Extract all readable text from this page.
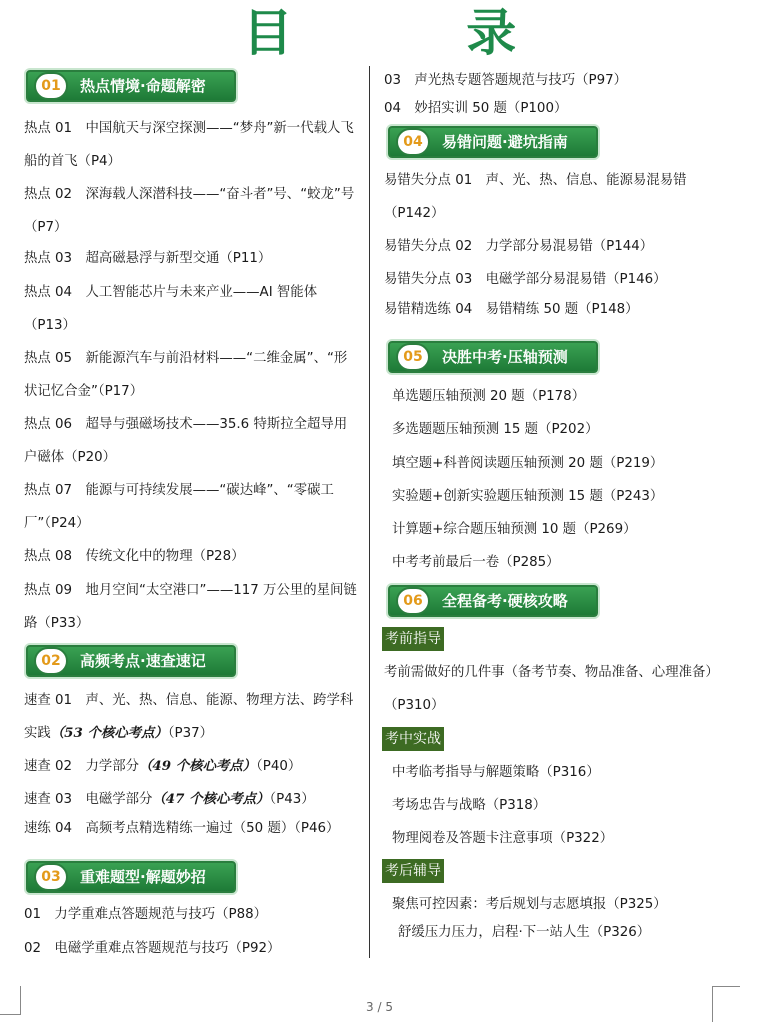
目 录
01	热点情境·命题解密
热点 01　中国航天与深空探测——“梦舟”新一代载人飞船的首飞（P4）
热点 02　深海载人深潜科技——“奋斗者”号、“蛟龙”号（P7）
热点 03　超高磁悬浮与新型交通（P11）
热点 04　人工智能芯片与未来产业——AI 智能体（P13）
热点 05　新能源汽车与前沿材料——“二维金属”、“形状记忆合金”（P17）
热点 06　超导与强磁场技术——35.6 特斯拉全超导用户磁体（P20）
热点 07　能源与可持续发展——“碳达峰”、“零碳工厂”（P24）
热点 08　传统文化中的物理（P28）
热点 09　地月空间“太空港口”——117 万公里的星间链路（P33）
02	高频考点·速查速记
速查 01　声、光、热、信息、能源、物理方法、跨学科实践（53 个核心考点）（P37）
速查 02　力学部分（49 个核心考点）（P40）
速查 03　电磁学部分（47 个核心考点）（P43）
速练 04　高频考点精选精练一遍过（50 题）（P46）
03	重难题型·解题妙招
01　力学重难点答题规范与技巧（P88）
02　电磁学重难点答题规范与技巧（P92）
03　声光热专题答题规范与技巧（P97）
04　妙招实训 50 题（P100）
04	易错问题·避坑指南
易错失分点 01　声、光、热、信息、能源易混易错（P142）
易错失分点 02　力学部分易混易错（P144）
易错失分点 03　电磁学部分易混易错（P146）
易错精选练 04　易错精练 50 题（P148）
05	决胜中考·压轴预测
单选题压轴预测 20 题（P178）
多选题题压轴预测 15 题（P202）
填空题+科普阅读题压轴预测 20 题（P219）
实验题+创新实验题压轴预测 15 题（P243）
计算题+综合题压轴预测 10 题（P269）
中考考前最后一卷（P285）
06	全程备考·硬核攻略
考前指导
考前需做好的几件事（备考节奏、物品准备、心理准备）（P310）
考中实战
中考临考指导与解题策略（P316）
考场忠告与战略（P318）
物理阅卷及答题卡注意事项（P322）
考后辅导
聚焦可控因素：考后规划与志愿填报（P325）
舒缓压力压力，启程·下一站人生（P326）
3 / 5
